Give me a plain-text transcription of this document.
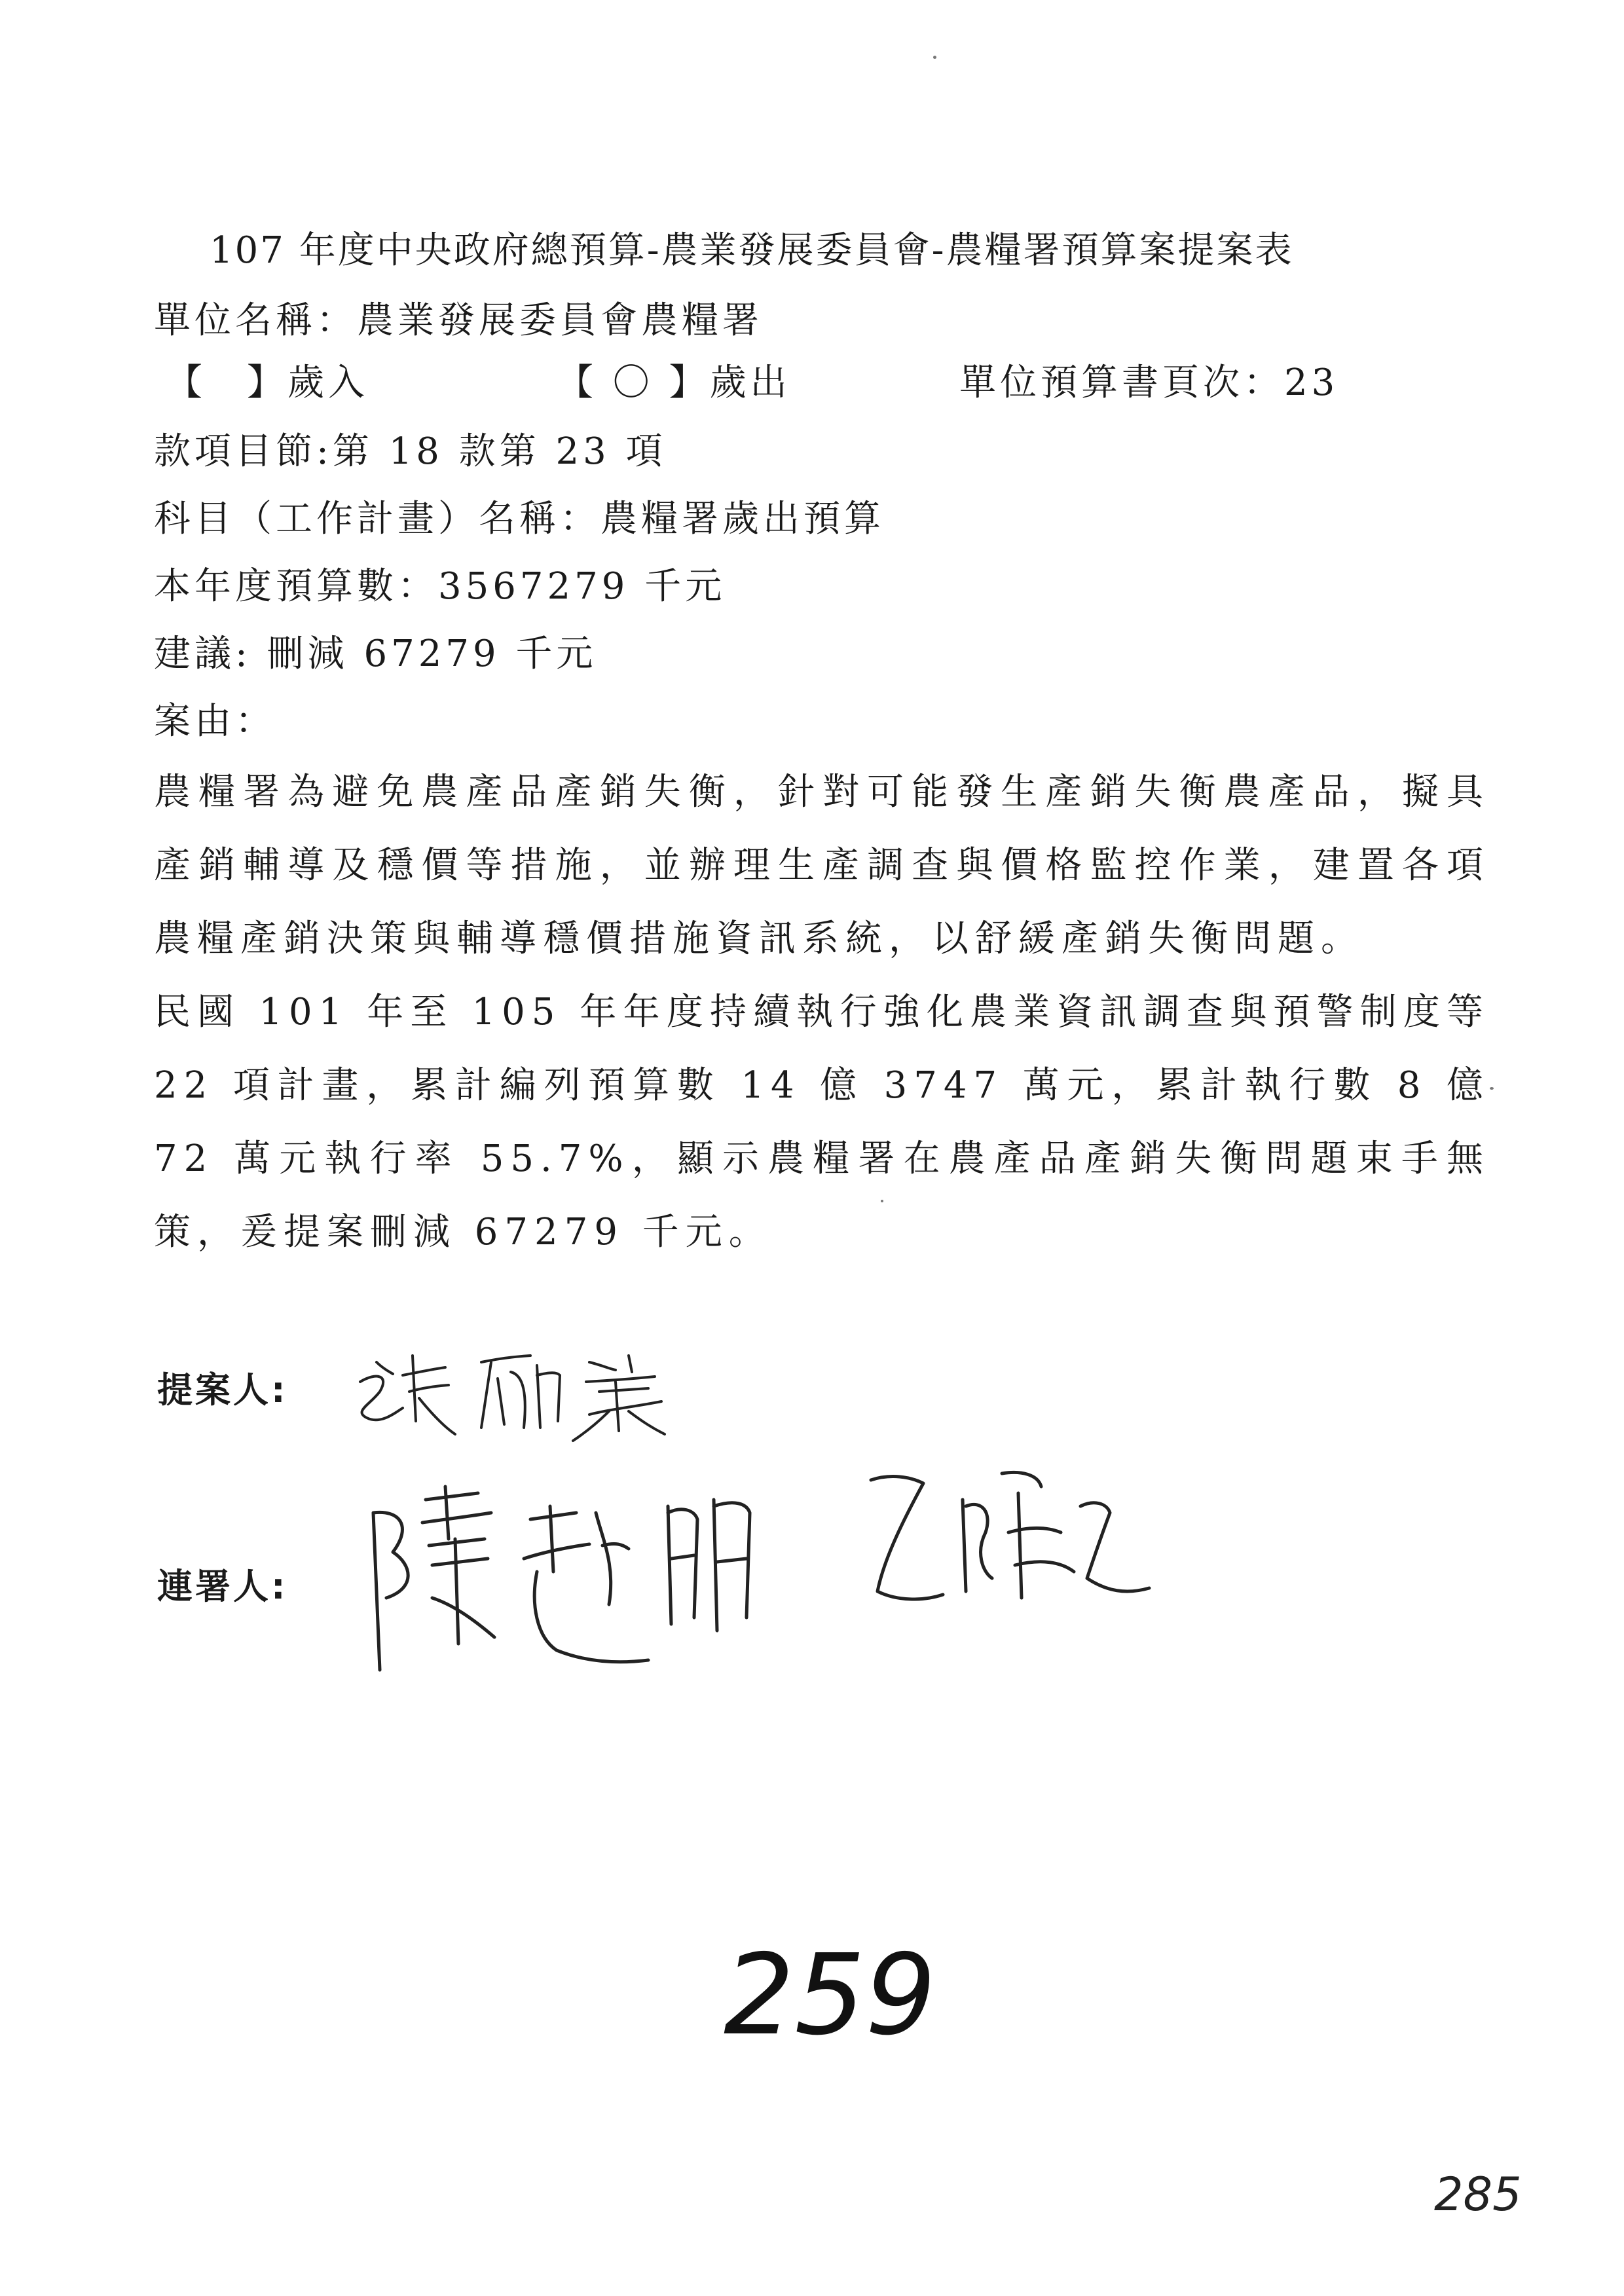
107 年度中央政府總預算-農業發展委員會-農糧署預算案提案表
單位名稱：農業發展委員會農糧署
【　】歲入	【 〇 】歲出	單位預算書頁次：23
款項目節:第 18 款第 23 項
科目（工作計畫）名稱：農糧署歲出預算
本年度預算數：3567279 千元
建議: 刪減 67279 千元
案由：
農糧署為避免農產品產銷失衡，針對可能發生產銷失衡農產品，擬具產銷輔導及穩價等措施，並辦理生產調查與價格監控作業，建置各項農糧產銷決策與輔導穩價措施資訊系統，以舒緩產銷失衡問題。
民國 101 年至 105 年年度持續執行強化農業資訊調查與預警制度等 22 項計畫，累計編列預算數 14 億 3747 萬元，累計執行數 8 億 72 萬元執行率 55.7%，顯示農糧署在農產品產銷失衡問題束手無策，爰提案刪減 67279 千元。
提案人:
連署人:
259
285
